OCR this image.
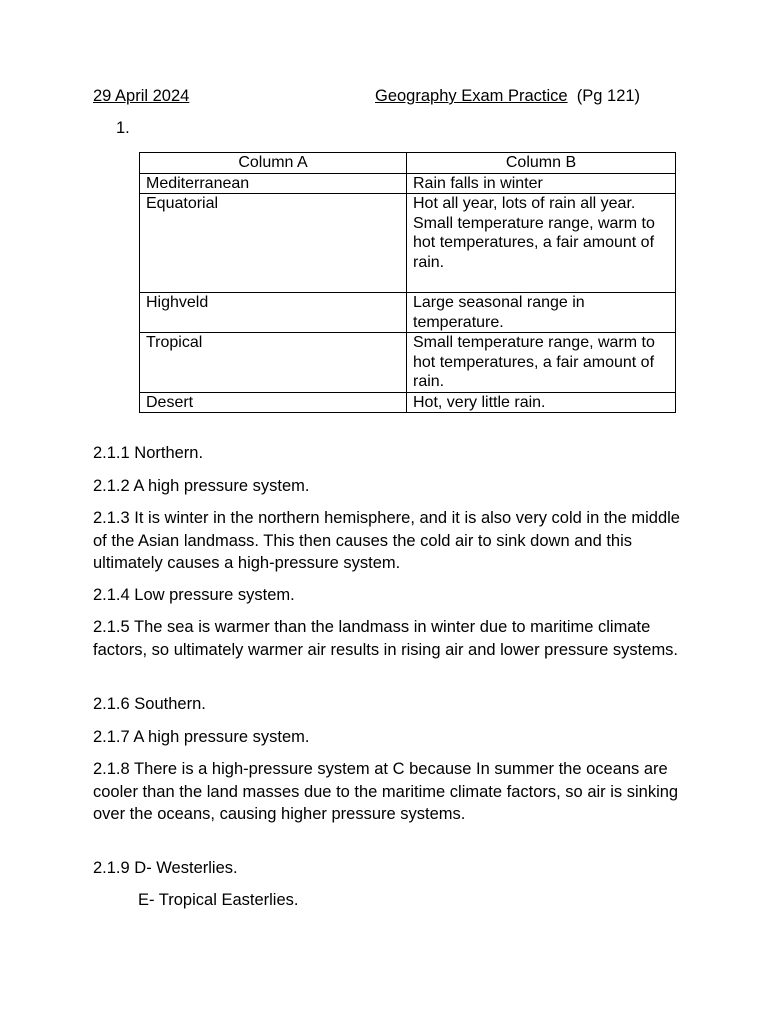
29 April 2024	Geography Exam Practice (Pg 121)
1.
Column A	Column B
Mediterranean	Rain falls in winter
Equatorial	Hot all year, lots of rain all year. Small temperature range, warm to hot temperatures, a fair amount of rain.
Highveld	Large seasonal range in temperature.
Tropical	Small temperature range, warm to hot temperatures, a fair amount of rain.
Desert	Hot, very little rain.

2.1.1 Northern.

2.1.2 A high pressure system.

2.1.3 It is winter in the northern hemisphere, and it is also very cold in the middle of the Asian landmass. This then causes the cold air to sink down and this ultimately causes a high-pressure system.

2.1.4 Low pressure system.

2.1.5 The sea is warmer than the landmass in winter due to maritime climate factors, so ultimately warmer air results in rising air and lower pressure systems.

2.1.6 Southern.

2.1.7 A high pressure system.

2.1.8 There is a high-pressure system at C because In summer the oceans are cooler than the land masses due to the maritime climate factors, so air is sinking over the oceans, causing higher pressure systems.

2.1.9 D- Westerlies.

E- Tropical Easterlies.
